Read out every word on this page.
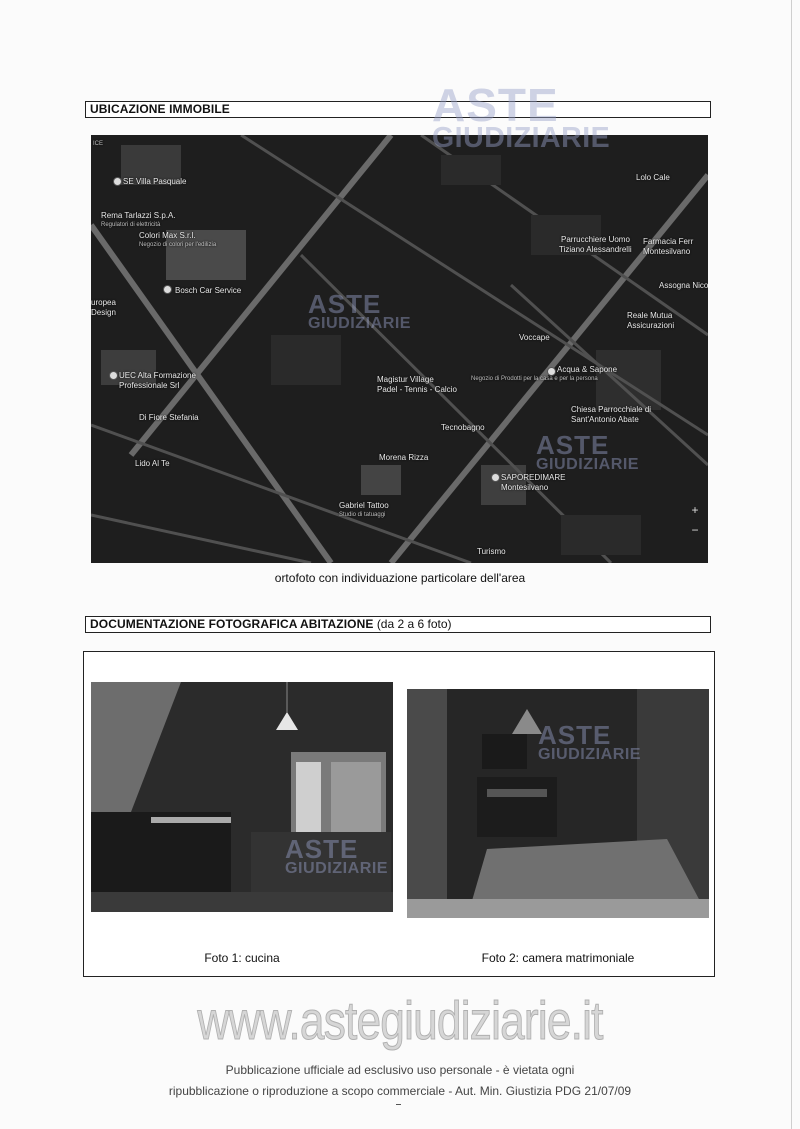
UBICAZIONE IMMOBILE
ICE
SE Villa Pasquale
Rema Tarlazzi S.p.A.
Regulatori di elettricità
Colori Max S.r.l.
Negozio di colori per l'edilizia
Bosch Car Service
uropea
Design
UEC Alta Formazione
Professionale Srl
Di Fiore Stefania
Lido Al Te
Lolo Cale
Parrucchiere Uomo
Tiziano Alessandrelli
Farmacia Ferr
Montesilvano
Assogna Nico
Reale Mutua
Assicurazioni
Voccape
Acqua & Sapone
Magistur Village
Padel - Tennis - Calcio
Negozio di Prodotti per la casa e per la persona
Chiesa Parrocchiale di
Sant'Antonio Abate
Tecnobagno
Morena Rizza
SAPOREDIMARE
Montesilvano
Gabriel Tattoo
Studio di tatuaggi
Turismo
+
−
ortofoto con individuazione particolare dell'area
DOCUMENTAZIONE FOTOGRAFICA ABITAZIONE (da 2 a 6 foto)
Foto 1: cucina	Foto 2: camera matrimoniale
ASTE
GIUDIZIARIE
ASTE
GIUDIZIARIE
ASTE
GIUDIZIARIE
ASTE
GIUDIZIARIE
ASTE
GIUDIZIARIE
www.astegiudiziarie.it
Pubblicazione ufficiale ad esclusivo uso personale - è vietata ogni
ripubblicazione o riproduzione a scopo commerciale - Aut. Min. Giustizia PDG 21/07/09
